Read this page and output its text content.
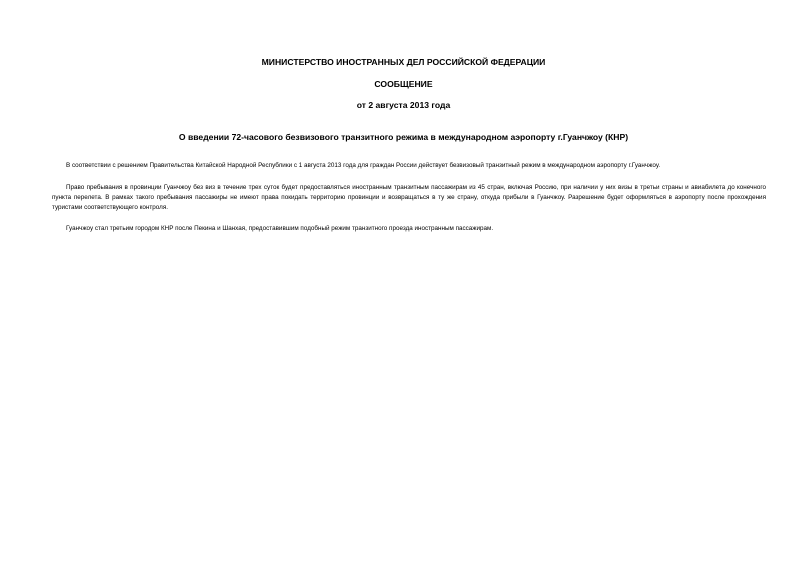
МИНИСТЕРСТВО ИНОСТРАННЫХ ДЕЛ РОССИЙСКОЙ ФЕДЕРАЦИИ
СООБЩЕНИЕ
от 2 августа 2013 года
О введении 72-часового безвизового транзитного режима в международном аэропорту г.Гуанчжоу (КНР)
В соответствии с решением Правительства Китайской Народной Республики с 1 августа 2013 года для граждан России действует безвизовый транзитный режим в международном аэропорту г.Гуанчжоу.
Право пребывания в провинции Гуанчжоу без виз в течение трех суток будет предоставляться иностранным транзитным пассажирам из 45 стран, включая Россию, при наличии у них визы в третьи страны и авиабилета до конечного пункта перелета. В рамках такого пребывания пассажиры не имеют права покидать территорию провинции и возвращаться в ту же страну, откуда прибыли в Гуанчжоу. Разрешение будет оформляться в аэропорту после прохождения туристами соответствующего контроля.
Гуанчжоу стал третьим городом КНР после Пекина и Шанхая, предоставившим подобный режим транзитного проезда иностранным пассажирам.
